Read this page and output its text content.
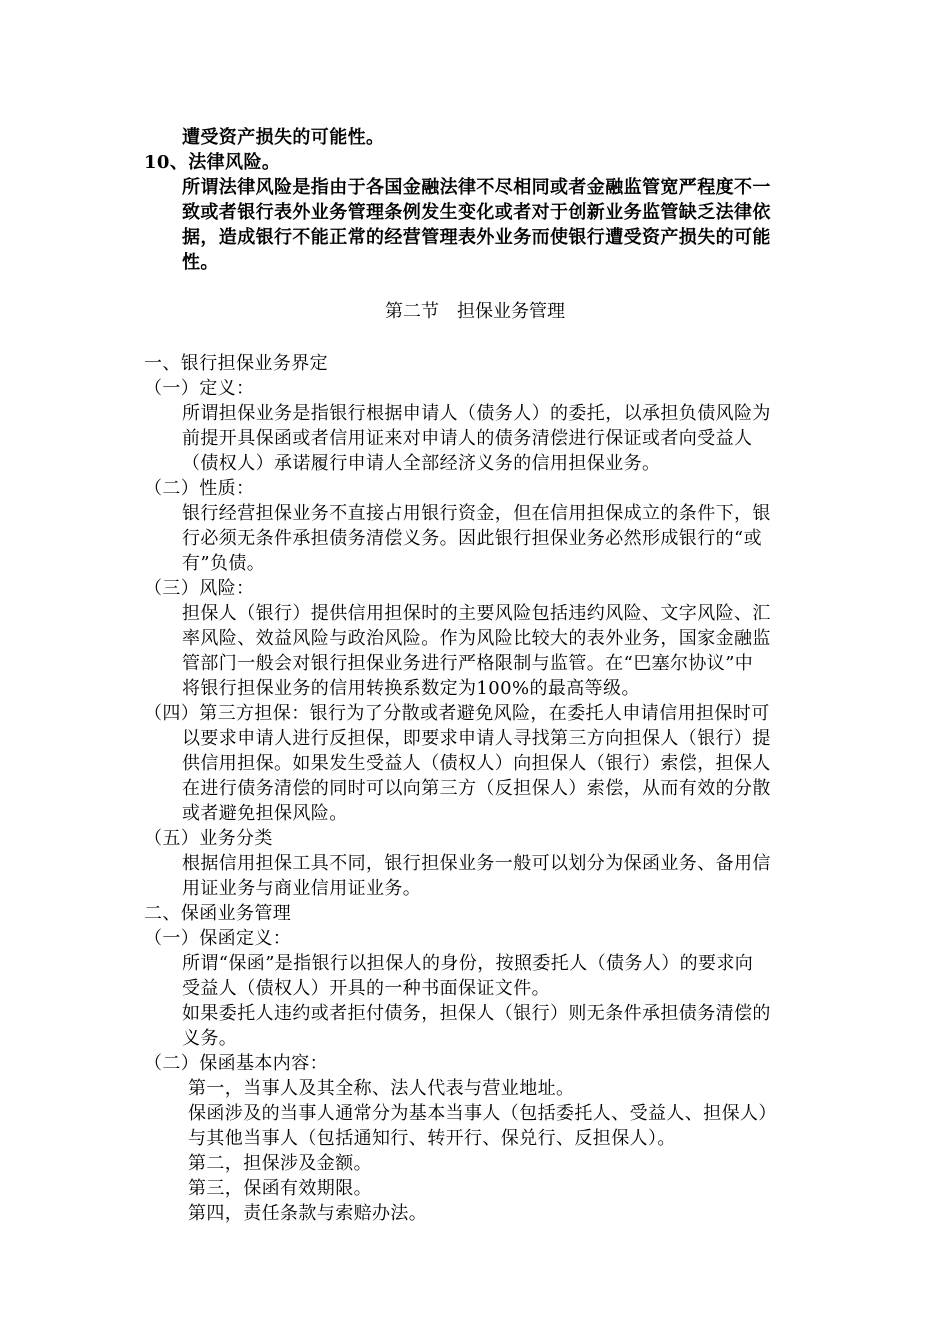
遭受资产损失的可能性。
10、法律风险。
所谓法律风险是指由于各国金融法律不尽相同或者金融监管宽严程度不一
致或者银行表外业务管理条例发生变化或者对于创新业务监管缺乏法律依
据，造成银行不能正常的经营管理表外业务而使银行遭受资产损失的可能
性。
第二节　担保业务管理
一、银行担保业务界定
（一）定义：
所谓担保业务是指银行根据申请人（债务人）的委托，以承担负债风险为
前提开具保函或者信用证来对申请人的债务清偿进行保证或者向受益人
（债权人）承诺履行申请人全部经济义务的信用担保业务。
（二）性质：
银行经营担保业务不直接占用银行资金，但在信用担保成立的条件下，银
行必须无条件承担债务清偿义务。因此银行担保业务必然形成银行的“或
有”负债。
（三）风险：
担保人（银行）提供信用担保时的主要风险包括违约风险、文字风险、汇
率风险、效益风险与政治风险。作为风险比较大的表外业务，国家金融监
管部门一般会对银行担保业务进行严格限制与监管。在“巴塞尔协议”中
将银行担保业务的信用转换系数定为100%的最高等级。
（四）第三方担保：银行为了分散或者避免风险，在委托人申请信用担保时可
以要求申请人进行反担保，即要求申请人寻找第三方向担保人（银行）提
供信用担保。如果发生受益人（债权人）向担保人（银行）索偿，担保人
在进行债务清偿的同时可以向第三方（反担保人）索偿，从而有效的分散
或者避免担保风险。
（五）业务分类
根据信用担保工具不同，银行担保业务一般可以划分为保函业务、备用信
用证业务与商业信用证业务。
二、保函业务管理
（一）保函定义：
所谓“保函”是指银行以担保人的身份，按照委托人（债务人）的要求向
受益人（债权人）开具的一种书面保证文件。
如果委托人违约或者拒付债务，担保人（银行）则无条件承担债务清偿的
义务。
（二）保函基本内容：
第一，当事人及其全称、法人代表与营业地址。
保函涉及的当事人通常分为基本当事人（包括委托人、受益人、担保人）
与其他当事人（包括通知行、转开行、保兑行、反担保人）。
第二，担保涉及金额。
第三，保函有效期限。
第四，责任条款与索赔办法。
